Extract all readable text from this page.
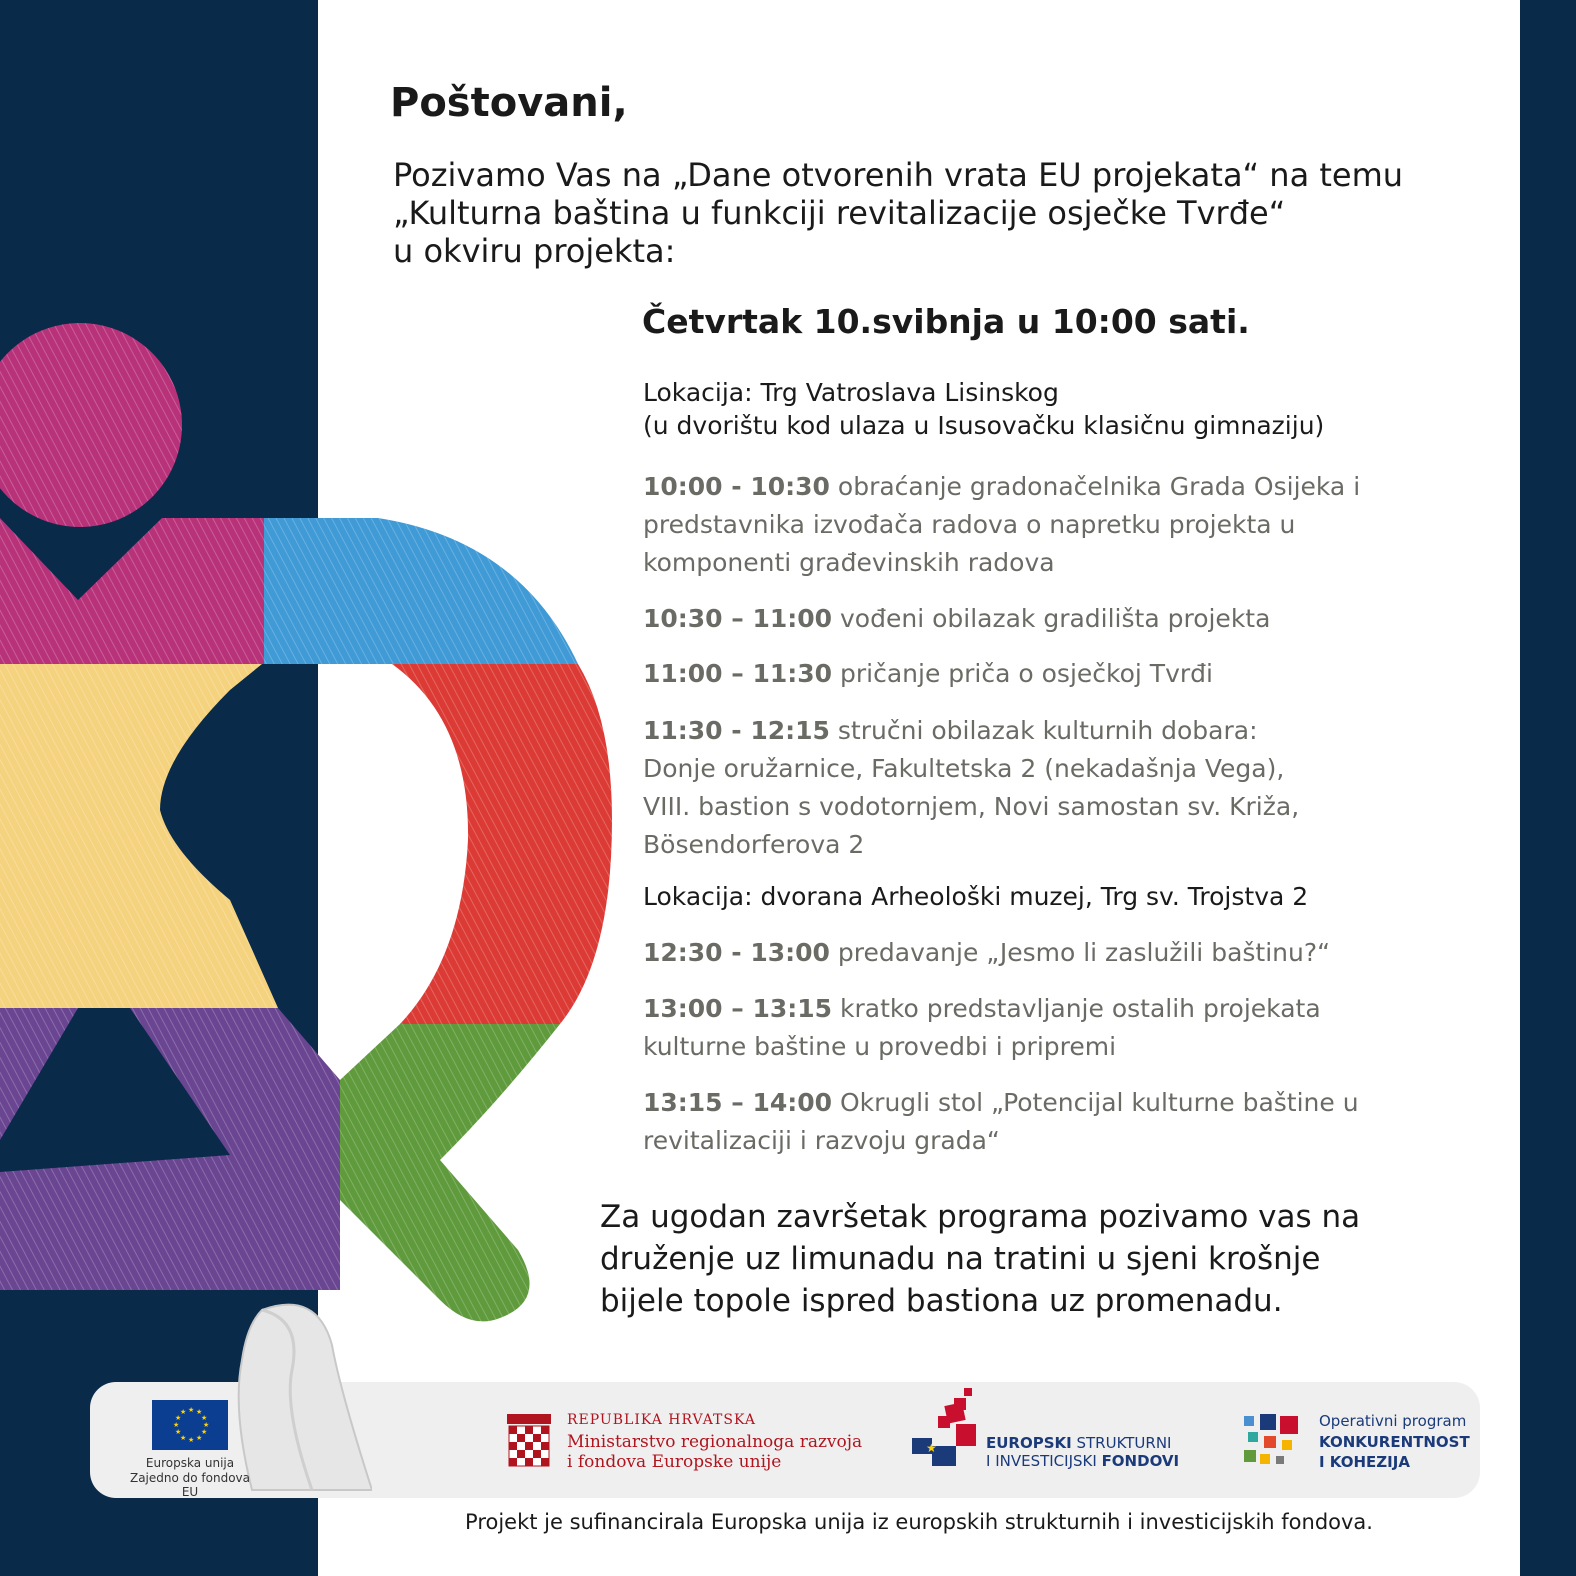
Poštovani,
Pozivamo Vas na „Dane otvorenih vrata EU projekata“ na temu
„Kulturna baština u funkciji revitalizacije osječke Tvrđe“
u okviru projekta:
Četvrtak 10.svibnja u 10:00 sati.
Lokacija: Trg Vatroslava Lisinskog
(u dvorištu kod ulaza u Isusovačku klasičnu gimnaziju)
10:00 - 10:30 obraćanje gradonačelnika Grada Osijeka i
predstavnika izvođača radova o napretku projekta u
komponenti građevinskih radova
10:30 – 11:00 vođeni obilazak gradilišta projekta
11:00 – 11:30 pričanje priča o osječkoj Tvrđi
11:30 - 12:15 stručni obilazak kulturnih dobara:
Donje oružarnice, Fakultetska 2 (nekadašnja Vega),
VIII. bastion s vodotornjem, Novi samostan sv. Križa,
Bösendorferova 2
Lokacija: dvorana Arheološki muzej, Trg sv. Trojstva 2
12:30 - 13:00 predavanje „Jesmo li zaslužili baštinu?“
13:00 – 13:15 kratko predstavljanje ostalih projekata
kulturne baštine u provedbi i pripremi
13:15 – 14:00 Okrugli stol „Potencijal kulturne baštine u
revitalizaciji i razvoju grada“
Za ugodan završetak programa pozivamo vas na
druženje uz limunadu na tratini u sjeni krošnje
bijele topole ispred bastiona uz promenadu.
★ ★
★
★
★
★
★
★
★
★
★
★
Europska unija
Zajedno do fondova EU
REPUBLIKA HRVATSKA
Ministarstvo regionalnoga razvoja
i fondova Europske unije
★	EUROPSKI STRUKTURNI
I INVESTICIJSKI FONDOVI
Operativni program
KONKURENTNOST
I KOHEZIJA
Projekt je sufinancirala Europska unija iz europskih strukturnih i investicijskih fondova.
